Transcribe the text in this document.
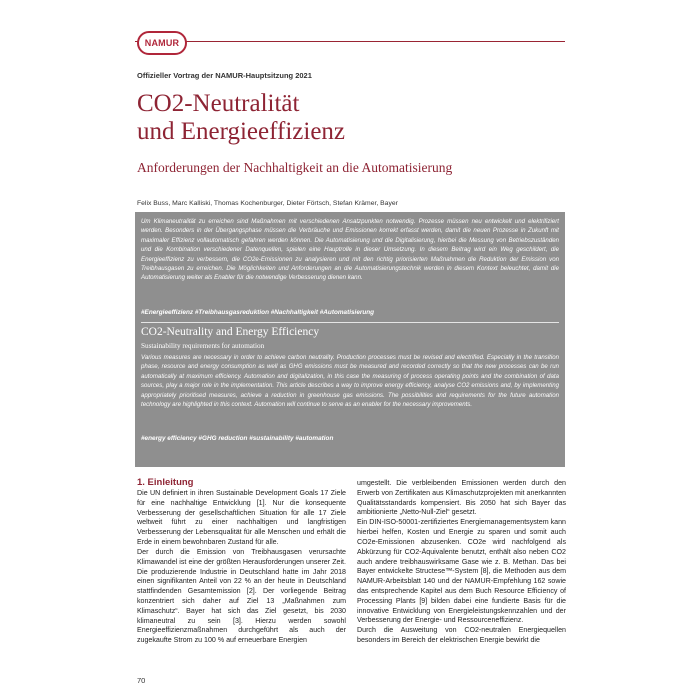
NAMUR
Offizieller Vortrag der NAMUR-Hauptsitzung 2021
CO2-Neutralität
und Energieeffizienz
Anforderungen der Nachhaltigkeit an die Automatisierung
Felix Buss, Marc Kalliski, Thomas Kochenburger, Dieter Förtsch, Stefan Krämer, Bayer
Um Klimaneutralität zu erreichen sind Maßnahmen mit verschiedenen Ansatzpunkten notwendig. Prozesse müssen neu entwickelt und elektrifiziert werden. Besonders in der Übergangsphase müssen die Verbräuche und Emissionen korrekt erfasst werden, damit die neuen Prozesse in Zukunft mit maximaler Effizienz vollautomatisch gefahren werden können. Die Automatisierung und die Digitalisierung, hierbei die Messung von Betriebszuständen und die Kombination verschiedener Datenquellen, spielen eine Hauptrolle in dieser Umsetzung. In diesem Beitrag wird ein Weg geschildert, die Energieeffizienz zu verbessern, die CO2e-Emissionen zu analysieren und mit den richtig priorisierten Maßnahmen die Reduktion der Emission von Treibhausgasen zu erreichen. Die Möglichkeiten und Anforderungen an die Automatisierungstechnik werden in diesem Kontext beleuchtet, damit die Automatisierung weiter als Enabler für die notwendige Verbesserung dienen kann.
#Energieeffizienz #Treibhausgasreduktion #Nachhaltigkeit #Automatisierung
CO2-Neutrality and Energy Efficiency
Sustainability requirements for automation
Various measures are necessary in order to achieve carbon neutrality. Production processes must be revised and electrified. Especially in the transition phase, resource and energy consumption as well as GHG emissions must be measured and recorded correctly so that the new processes can be run automatically at maximum efficiency. Automation and digitalization, in this case the measuring of process operating points and the combination of data sources, play a major role in the implementation. This article describes a way to improve energy efficiency, analyse CO2 emissions and, by implementing appropriately prioritised measures, achieve a reduction in greenhouse gas emissions. The possibilities and requirements for the future automation technology are highlighted in this context. Automation will continue to serve as an enabler for the necessary improvements.
#energy efficiency #GHG reduction #sustainability #automation
1. Einleitung

Die UN definiert in ihren Sustainable Development Goals 17 Ziele für eine nachhaltige Entwicklung [1]. Nur die konsequente Verbesserung der gesellschaftlichen Situation für alle 17 Ziele weltweit führt zu einer nachhaltigen und langfristigen Verbesserung der Lebensqualität für alle Menschen und erhält die Erde in einem bewohnbaren Zustand für alle.

Der durch die Emission von Treibhausgasen verursachte Klimawandel ist eine der größten Herausforderungen unserer Zeit. Die produzierende Industrie in Deutschland hatte im Jahr 2018 einen signifikanten Anteil von 22 % an der heute in Deutschland stattfindenden Gesamtemission [2]. Der vorliegende Beitrag konzentriert sich daher auf Ziel 13 „Maßnahmen zum Klimaschutz“. Bayer hat sich das Ziel gesetzt, bis 2030 klimaneutral zu sein [3]. Hierzu werden sowohl Energieeffizienzmaßnahmen durchgeführt als auch der zugekaufte Strom zu 100 % auf erneuerbare Energien

umgestellt. Die verbleibenden Emissionen werden durch den Erwerb von Zertifikaten aus Klimaschutzprojekten mit anerkannten Qualitätsstandards kompensiert. Bis 2050 hat sich Bayer das ambitionierte „Netto-Null-Ziel“ gesetzt.

Ein DIN-ISO-50001-zertifiziertes Energiemanagementsystem kann hierbei helfen, Kosten und Energie zu sparen und somit auch CO2e-Emissionen abzusenken. CO2e wird nachfolgend als Abkürzung für CO2-Äquivalente benutzt, enthält also neben CO2 auch andere treibhauswirksame Gase wie z. B. Methan. Das bei Bayer entwickelte Structese™-System [8], die Methoden aus dem NAMUR-Arbeitsblatt 140 und der NAMUR-Empfehlung 162 sowie das entsprechende Kapitel aus dem Buch Resource Efficiency of Processing Plants [9] bilden dabei eine fundierte Basis für die innovative Entwicklung von Energieleistungskennzahlen und der Verbesserung der Energie- und Ressourceneffizienz.

Durch die Ausweitung von CO2-neutralen Energiequellen besonders im Bereich der elektrischen Energie bewirkt die

70
